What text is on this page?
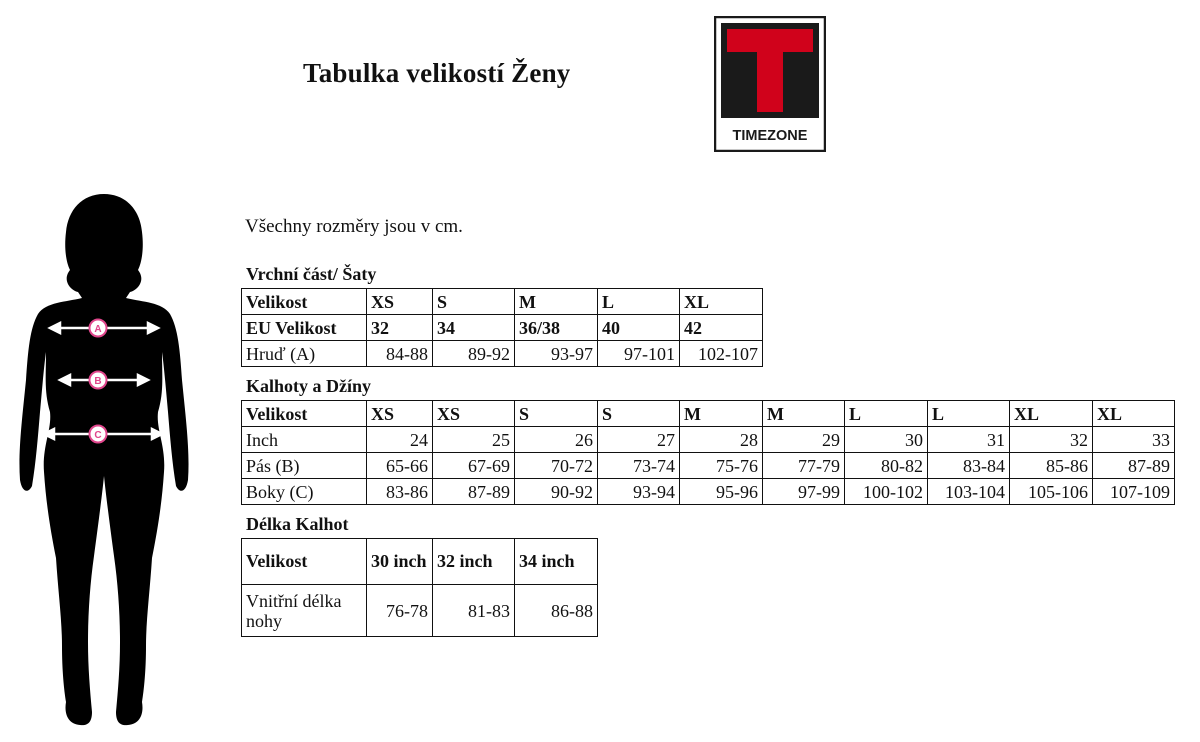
Tabulka velikostí Ženy
TIMEZONE
A
B
C
Všechny rozměry jsou v cm.
Vrchní část/ Šaty
Velikost	XS	S	M	L	XL
EU Velikost	32	34	36/38	40	42
Hruď (A)	84-88	89-92	93-97	97-101	102-107
Kalhoty a Džíny
Velikost	XS	XS	S	S	M	M	L	L	XL	XL
Inch	24	25	26	27	28	29	30	31	32	33
Pás (B)	65-66	67-69	70-72	73-74	75-76	77-79	80-82	83-84	85-86	87-89
Boky (C)	83-86	87-89	90-92	93-94	95-96	97-99	100-102	103-104	105-106	107-109
Délka Kalhot
Velikost	30 inch	32 inch	34 inch
Vnitřní délka nohy	76-78	81-83	86-88
